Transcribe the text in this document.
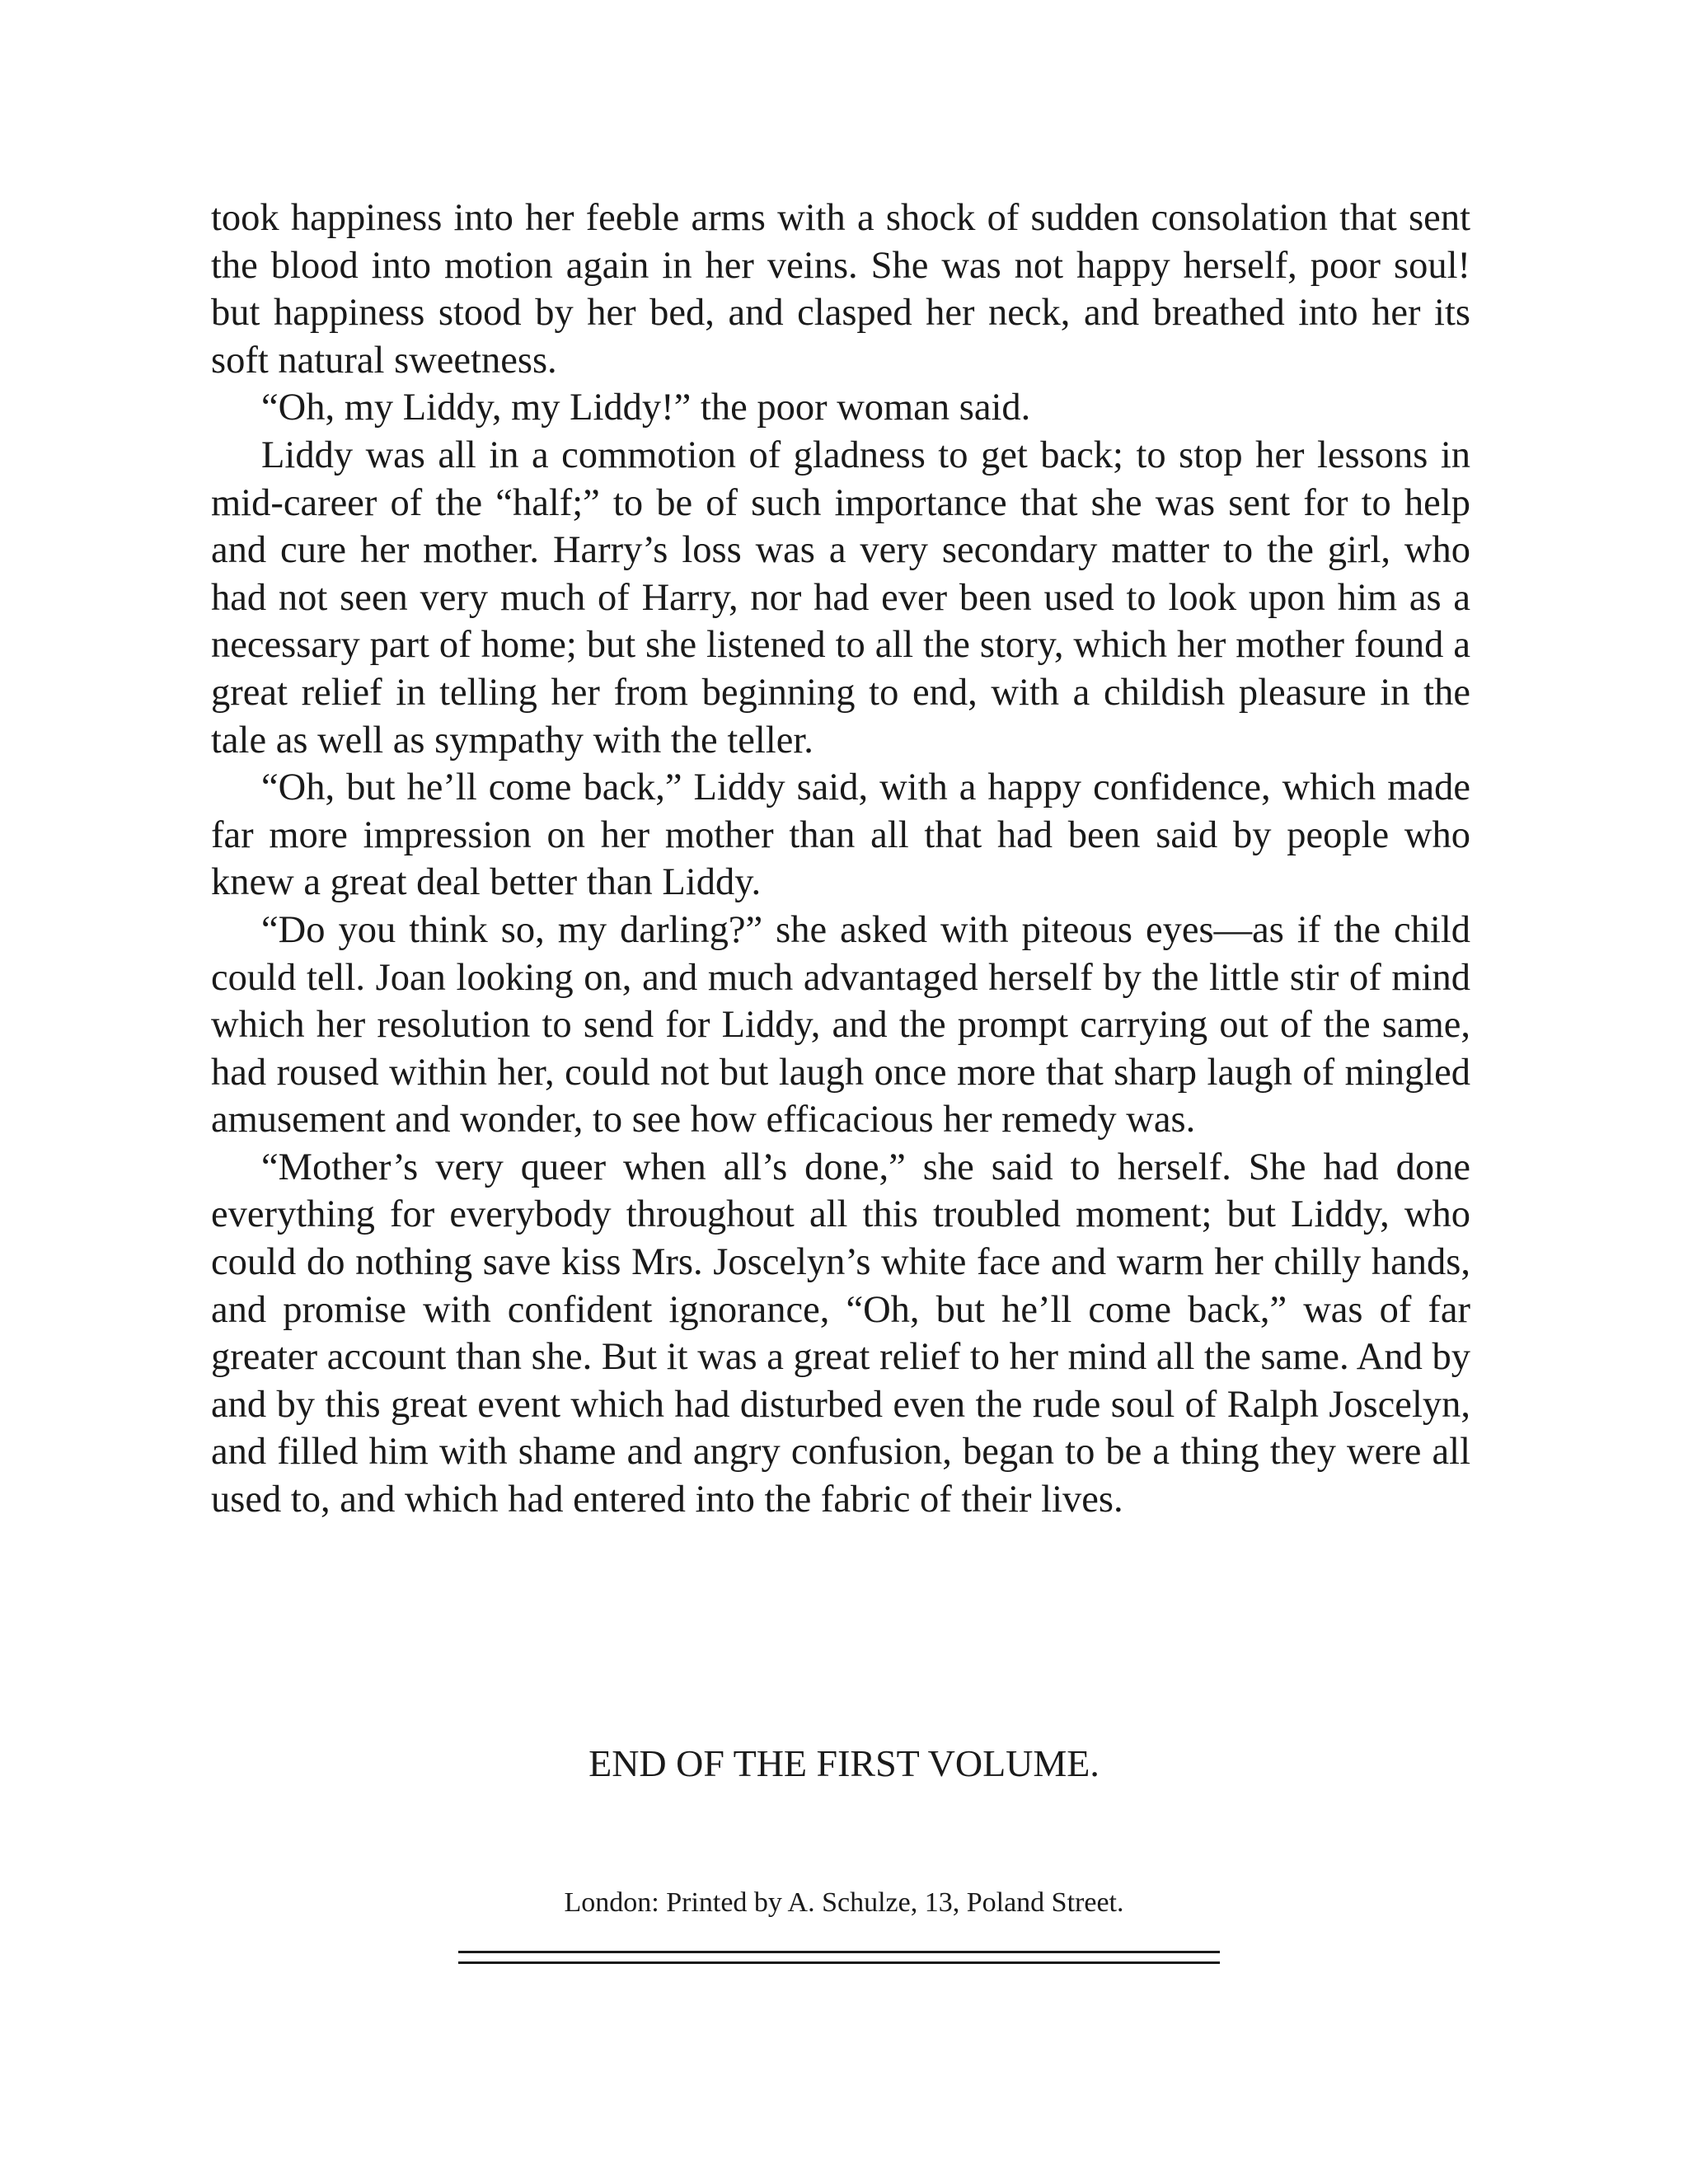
took happiness into her feeble arms with a shock of sudden consolation that sent the blood into motion again in her veins. She was not happy herself, poor soul! but happiness stood by her bed, and clasped her neck, and breathed into her its soft natural sweetness.

“Oh, my Liddy, my Liddy!” the poor woman said.

Liddy was all in a commotion of gladness to get back; to stop her lessons in mid-career of the “half;” to be of such importance that she was sent for to help and cure her mother. Harry’s loss was a very secondary matter to the girl, who had not seen very much of Harry, nor had ever been used to look upon him as a necessary part of home; but she listened to all the story, which her mother found a great relief in telling her from beginning to end, with a childish pleasure in the tale as well as sympathy with the teller.

“Oh, but he’ll come back,” Liddy said, with a happy confidence, which made far more impression on her mother than all that had been said by people who knew a great deal better than Liddy.

“Do you think so, my darling?” she asked with piteous eyes—as if the child could tell. Joan looking on, and much advantaged herself by the little stir of mind which her resolution to send for Liddy, and the prompt carrying out of the same, had roused within her, could not but laugh once more that sharp laugh of mingled amusement and wonder, to see how efficacious her remedy was.

“Mother’s very queer when all’s done,” she said to herself. She had done everything for everybody throughout all this troubled moment; but Liddy, who could do nothing save kiss Mrs. Joscelyn’s white face and warm her chilly hands, and promise with confident ignorance, “Oh, but he’ll come back,” was of far greater account than she. But it was a great relief to her mind all the same. And by and by this great event which had disturbed even the rude soul of Ralph Joscelyn, and filled him with shame and angry confusion, began to be a thing they were all used to, and which had entered into the fabric of their lives.

END OF THE FIRST VOLUME.
London: Printed by A. Schulze, 13, Poland Street.
